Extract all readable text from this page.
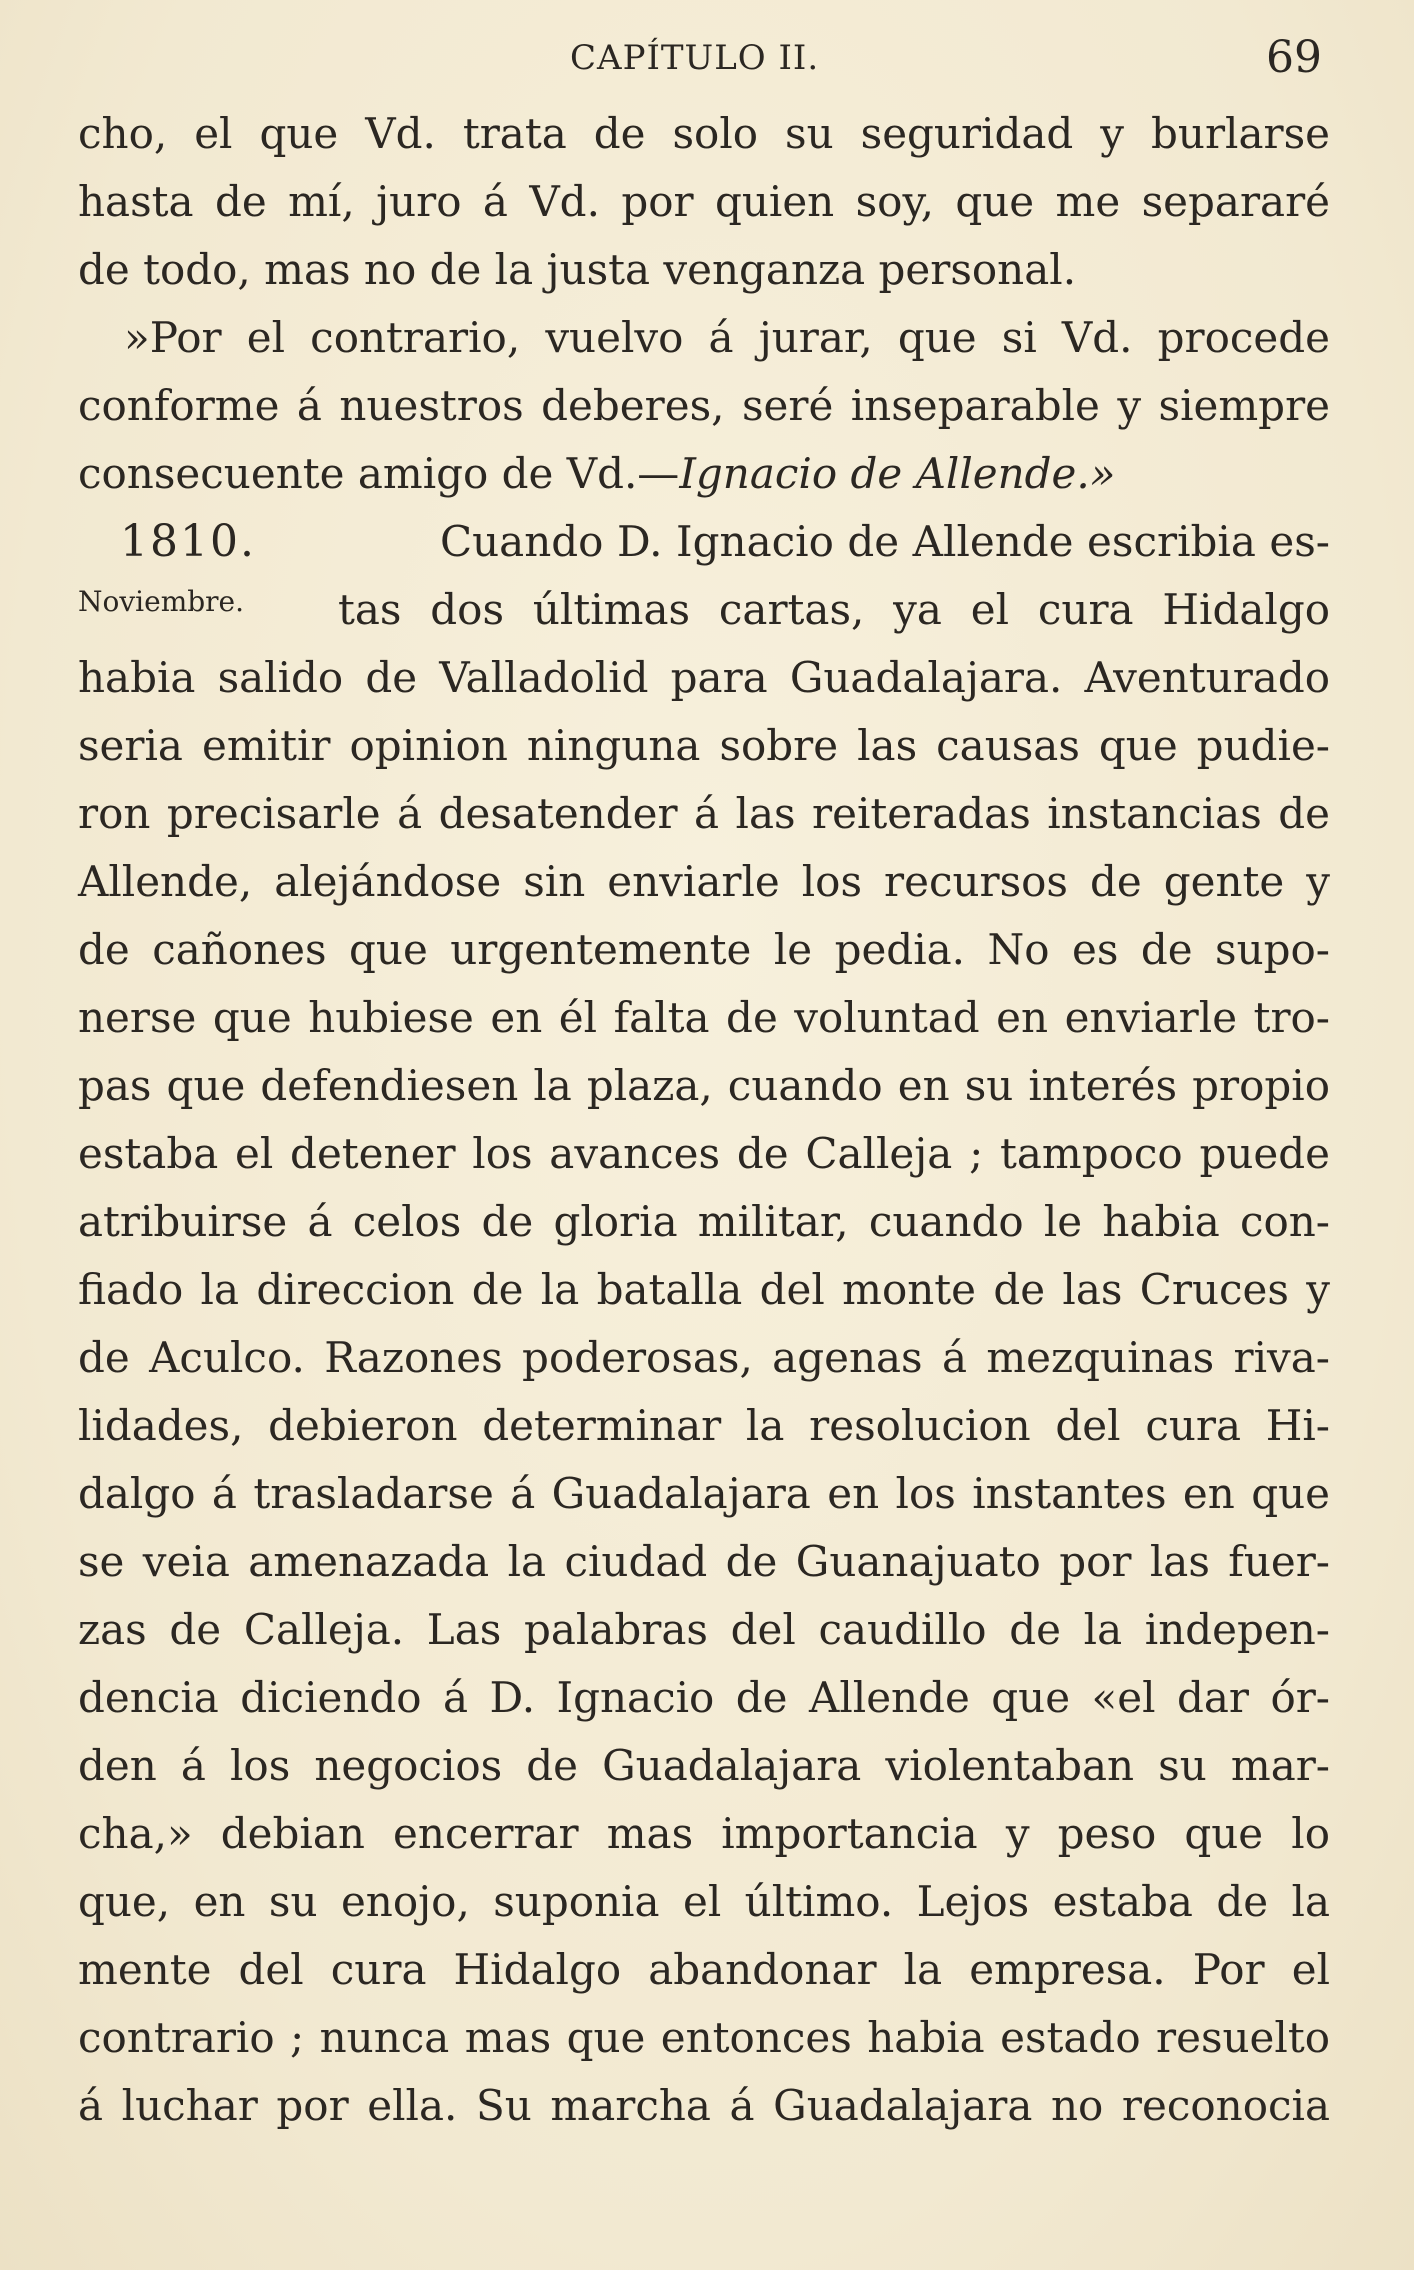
CAPÍTULO II.	69
cho, el que Vd. trata de solo su seguridad y burlarse
hasta de mí, juro á Vd. por quien soy, que me separaré
de todo, mas no de la justa venganza personal.
»Por el contrario, vuelvo á jurar, que si Vd. procede
conforme á nuestros deberes, seré inseparable y siempre
consecuente amigo de Vd.—Ignacio de Allende.»
1810.	Cuando D. Ignacio de Allende escribia es-
Noviembre. tas dos últimas cartas, ya el cura Hidalgo
habia salido de Valladolid para Guadalajara. Aventurado
seria emitir opinion ninguna sobre las causas que pudie-
ron precisarle á desatender á las reiteradas instancias de
Allende, alejándose sin enviarle los recursos de gente y
de cañones que urgentemente le pedia. No es de supo-
nerse que hubiese en él falta de voluntad en enviarle tro-
pas que defendiesen la plaza, cuando en su interés propio
estaba el detener los avances de Calleja ; tampoco puede
atribuirse á celos de gloria militar, cuando le habia con-
fiado la direccion de la batalla del monte de las Cruces y
de Aculco. Razones poderosas, agenas á mezquinas riva-
lidades, debieron determinar la resolucion del cura Hi-
dalgo á trasladarse á Guadalajara en los instantes en que
se veia amenazada la ciudad de Guanajuato por las fuer-
zas de Calleja. Las palabras del caudillo de la indepen-
dencia diciendo á D. Ignacio de Allende que «el dar ór-
den á los negocios de Guadalajara violentaban su mar-
cha,» debian encerrar mas importancia y peso que lo
que, en su enojo, suponia el último. Lejos estaba de la
mente del cura Hidalgo abandonar la empresa. Por el
contrario ; nunca mas que entonces habia estado resuelto
á luchar por ella. Su marcha á Guadalajara no reconocia
